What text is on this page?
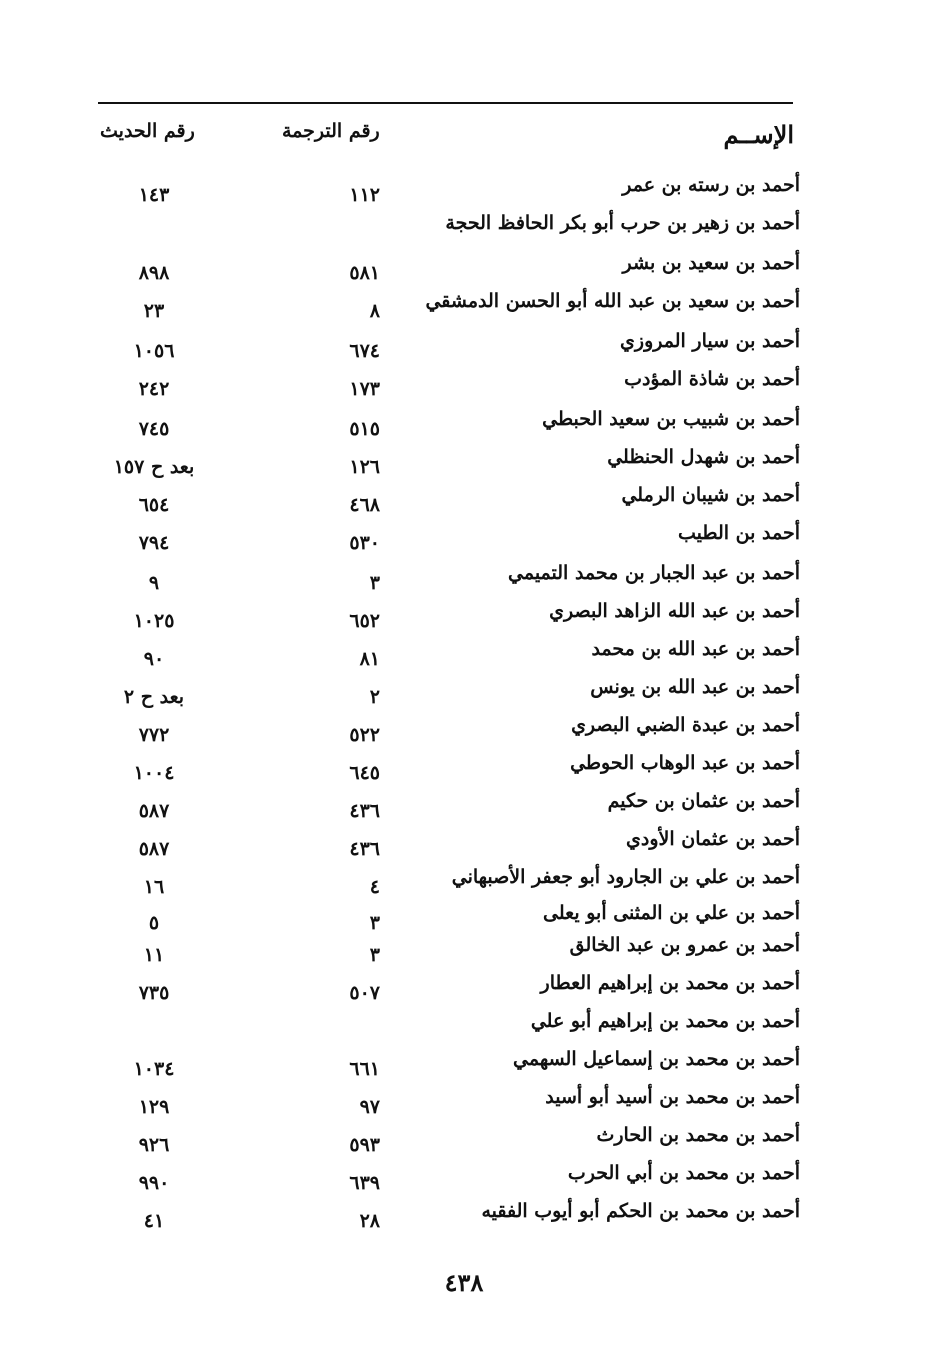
الإســم
رقم الترجمة
رقم الحديث
أحمد بن رسته بن عمر
١١٢
١٤٣
أحمد بن زهير بن حرب أبو بكر الحافظ الحجة
أحمد بن سعيد بن بشر
٥٨١
٨٩٨
أحمد بن سعيد بن عبد الله أبو الحسن الدمشقي
٨
٢٣
أحمد بن سيار المروزي
٦٧٤
١٠٥٦
أحمد بن شاذة المؤدب
١٧٣
٢٤٢
أحمد بن شبيب بن سعيد الحبطي
٥١٥
٧٤٥
أحمد بن شهدل الحنظلي
١٢٦
بعد ح ١٥٧
أحمد بن شيبان الرملي
٤٦٨
٦٥٤
أحمد بن الطيب
٥٣٠
٧٩٤
أحمد بن عبد الجبار بن محمد التميمي
٣
٩
أحمد بن عبد الله الزاهد البصري
٦٥٢
١٠٢٥
أحمد بن عبد الله بن محمد
٨١
٩٠
أحمد بن عبد الله بن يونس
٢
بعد ح ٢
أحمد بن عبدة الضبي البصري
٥٢٢
٧٧٢
أحمد بن عبد الوهاب الحوطي
٦٤٥
١٠٠٤
أحمد بن عثمان بن حكيم
٤٣٦
٥٨٧
أحمد بن عثمان الأودي
٤٣٦
٥٨٧
أحمد بن علي بن الجارود أبو جعفر الأصبهاني
٤
١٦
أحمد بن علي بن المثنى أبو يعلى
٣
٥
أحمد بن عمرو بن عبد الخالق
٣
١١
أحمد بن محمد بن إبراهيم العطار
٥٠٧
٧٣٥
أحمد بن محمد بن إبراهيم أبو علي
أحمد بن محمد بن إسماعيل السهمي
٦٦١
١٠٣٤
أحمد بن محمد بن أسيد أبو أسيد
٩٧
١٢٩
أحمد بن محمد بن الحارث
٥٩٣
٩٢٦
أحمد بن محمد بن أبي الحرب
٦٣٩
٩٩٠
أحمد بن محمد بن الحكم أبو أيوب الفقيه
٢٨
٤١
٤٣٨
